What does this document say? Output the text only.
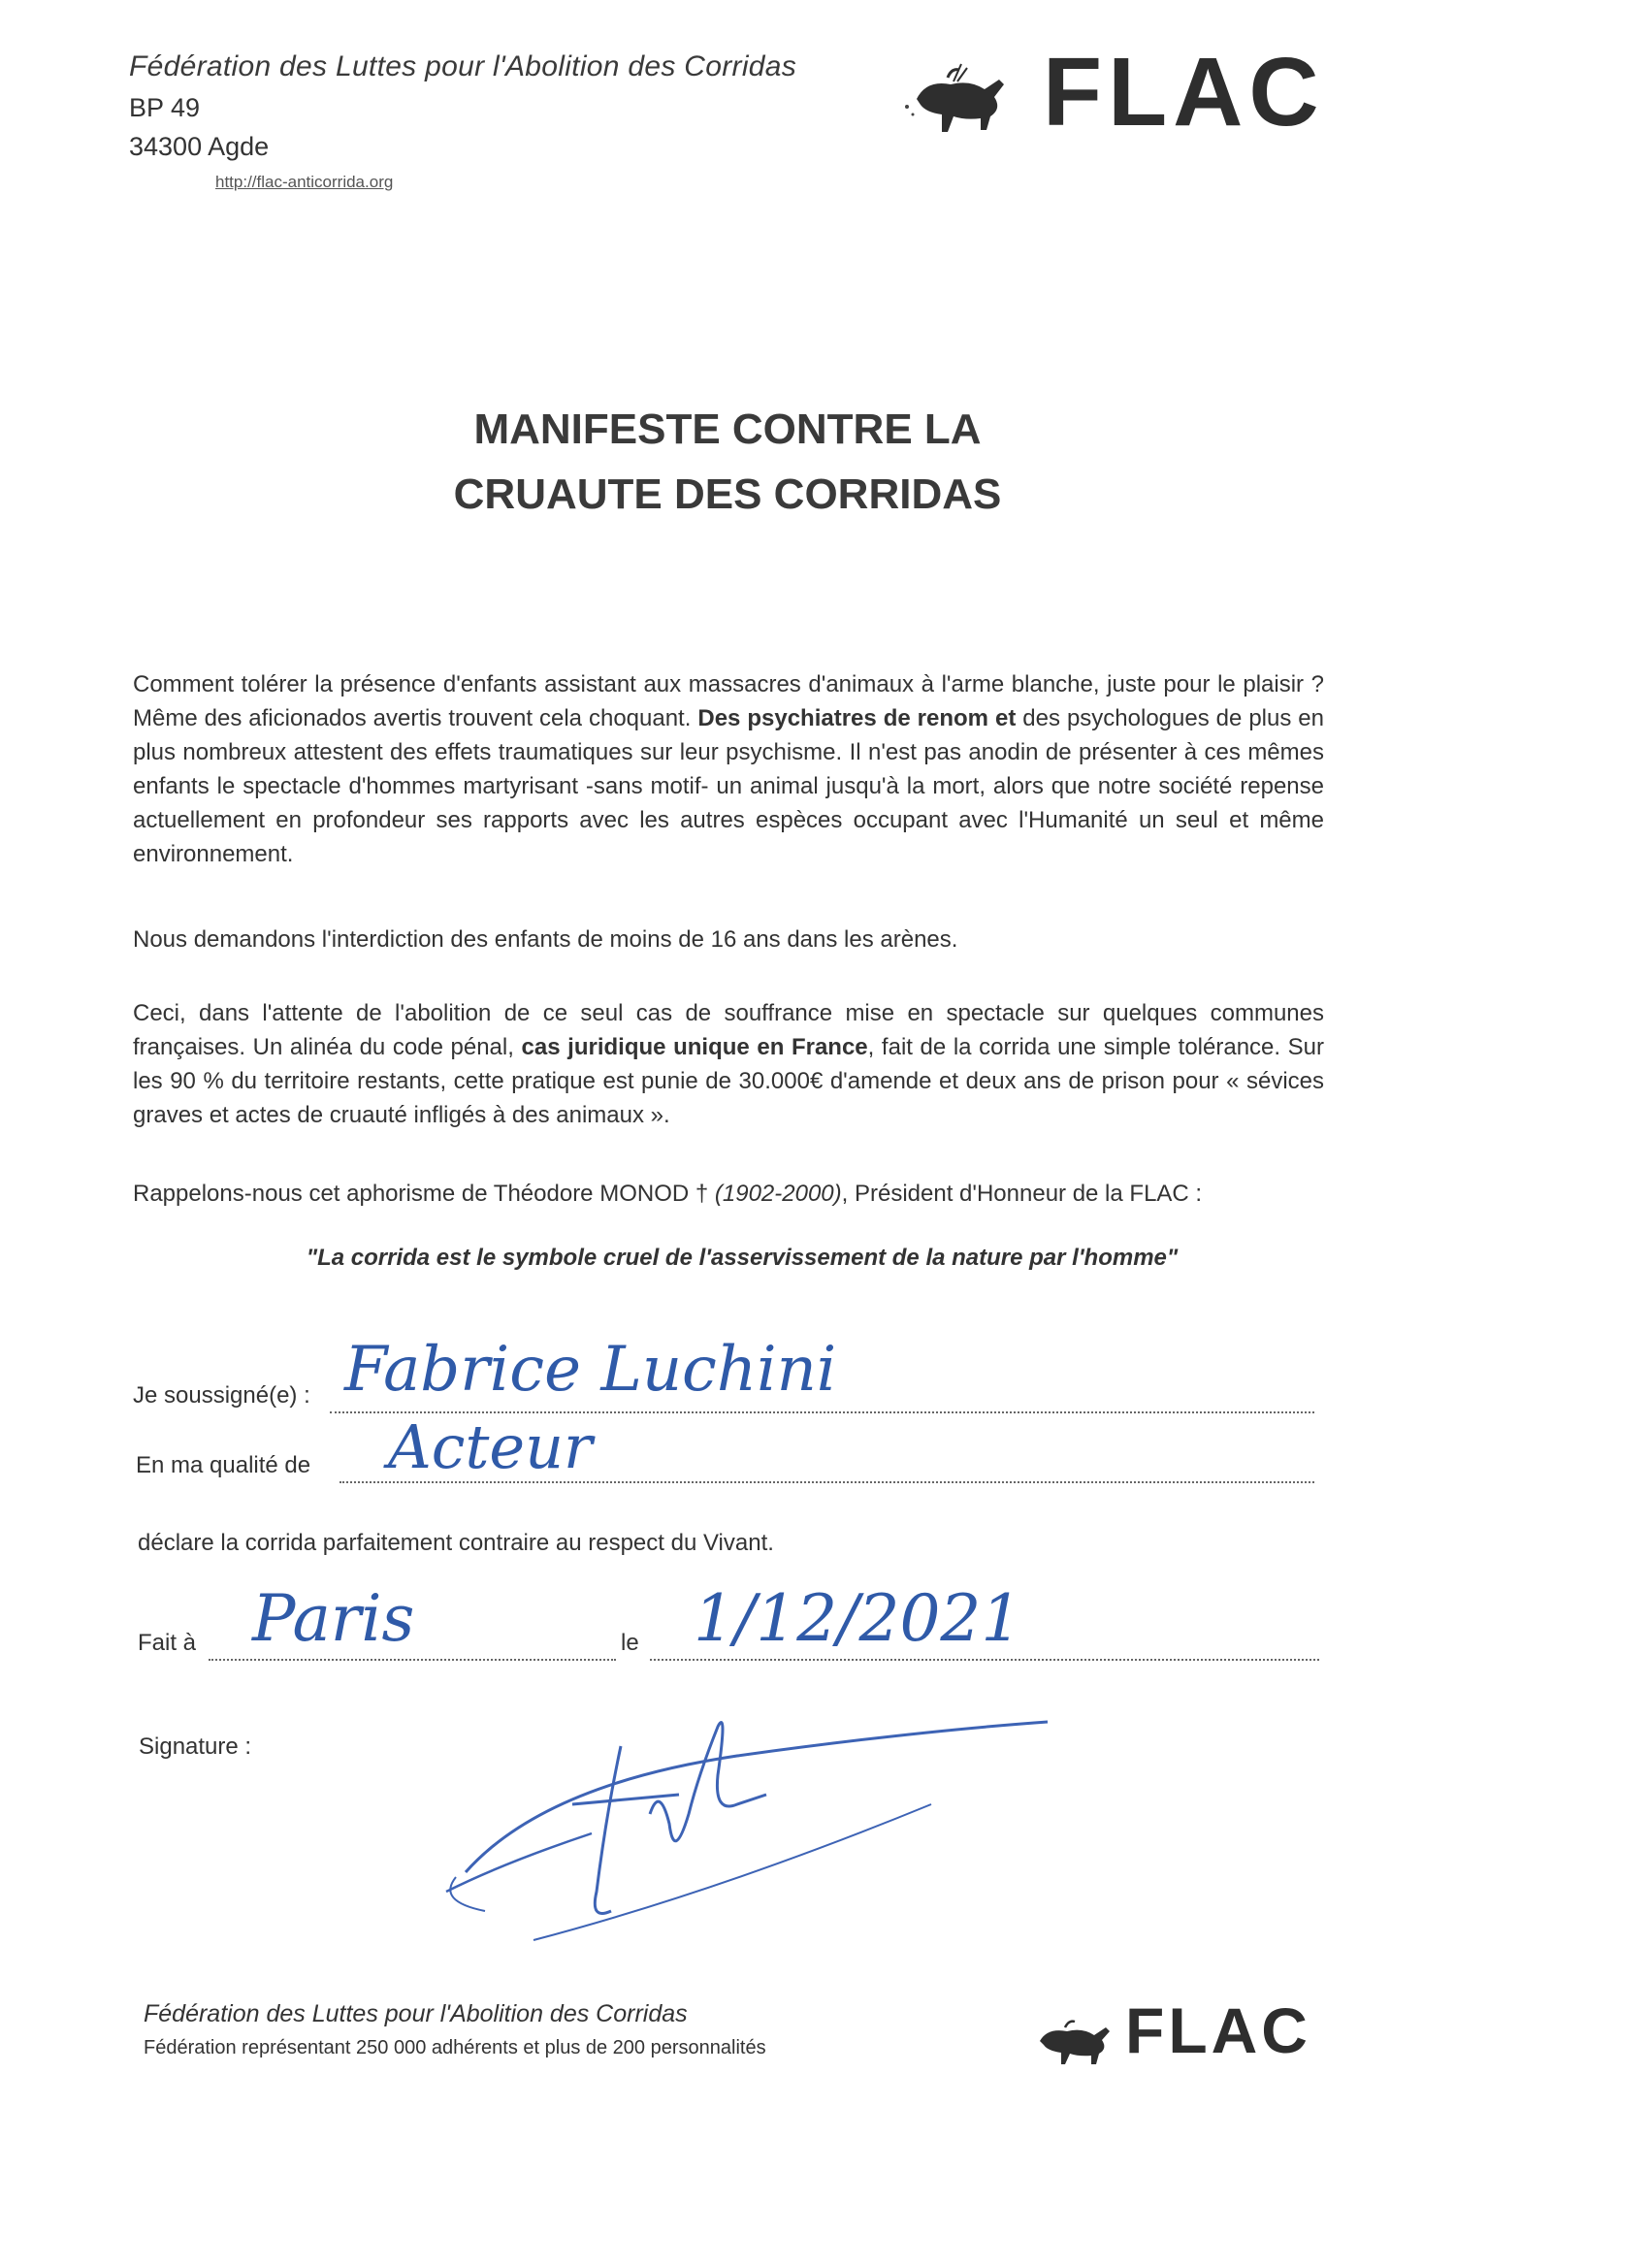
Fédération des Luttes pour l'Abolition des Corridas
BP 49
34300 Agde
http://flac-anticorrida.org
FLAC
MANIFESTE CONTRE LA
CRUAUTE DES CORRIDAS
Comment tolérer la présence d'enfants assistant aux massacres d'animaux à l'arme blanche, juste pour le plaisir ? Même des aficionados avertis trouvent cela choquant. Des psychiatres de renom et des psychologues de plus en plus nombreux attestent des effets traumatiques sur leur psychisme. Il n'est pas anodin de présenter à ces mêmes enfants le spectacle d'hommes martyrisant -sans motif- un animal jusqu'à la mort, alors que notre société repense actuellement en profondeur ses rapports avec les autres espèces occupant avec l'Humanité un seul et même environnement.
Nous demandons l'interdiction des enfants de moins de 16 ans dans les arènes.
Ceci, dans l'attente de l'abolition de ce seul cas de souffrance mise en spectacle sur quelques communes françaises. Un alinéa du code pénal, cas juridique unique en France, fait de la corrida une simple tolérance. Sur les 90 % du territoire restants, cette pratique est punie de 30.000€ d'amende et deux ans de prison pour « sévices graves et actes de cruauté infligés à des animaux ».
Rappelons-nous cet aphorisme de Théodore MONOD † (1902-2000), Président d'Honneur de la FLAC :
"La corrida est le symbole cruel de l'asservissement de la nature par l'homme"
Je soussigné(e) : Fabrice Luchini
En ma qualité de Acteur
déclare la corrida parfaitement contraire au respect du Vivant.
Fait à Paris	le 1/12/2021
Signature :
Fédération des Luttes pour l'Abolition des Corridas
Fédération représentant 250 000 adhérents et plus de 200 personnalités	FLAC
